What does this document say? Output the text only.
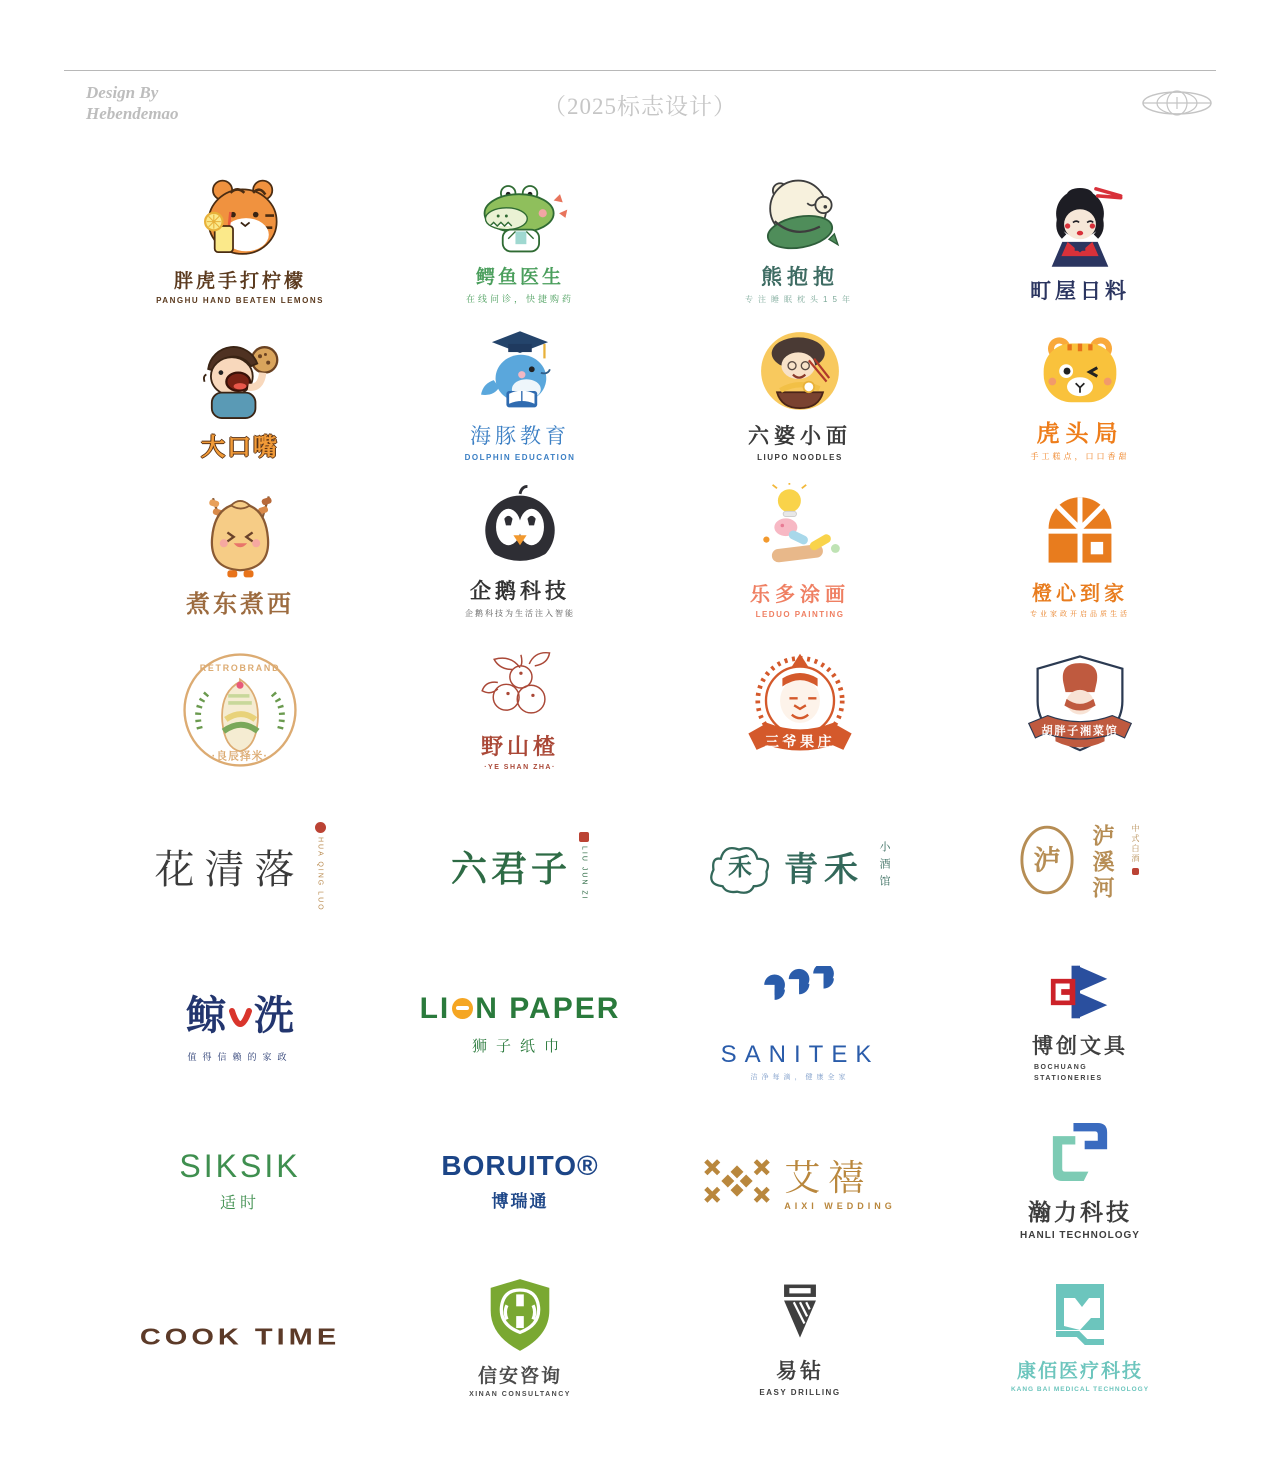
Design By
Hebendemao	（2025标志设计）
胖虎手打柠檬
PANGHU HAND BEATEN LEMONS
鳄鱼医生
在线问诊，快捷购药
熊抱抱
专注睡眠枕头15年	町屋日料
大口嘴	海豚教育
DOLPHIN EDUCATION
六婆小面
LIUPO NOODLES
虎头局
手工糕点，口口香甜
煮东煮西
企鹅科技
企鹅科技为生活注入智能
乐多涂画
LEDUO PAINTING
橙心到家
专业家政开启品质生活
RETROBRAND
·良辰择米·	野山楂
·YE SHAN ZHA·
三爷果庄
胡胖子湘菜馆
花清落 HUA QING LUO	六君子 LIU JUN ZI	禾 青禾 小酒馆	泸 泸溪河	中式白酒
鲸 洗
值得信赖的家政
LI N PAPER
狮子纸巾	SANITEK
洁净每滴，健康全家
博创文具
BOCHUANG STATIONERIES
SIKSIK
适时
BORUITO®
博瑞通
艾禧
AIXI WEDDING	瀚力科技
HANLI TECHNOLOGY
COOK TIME
信安咨询
XINAN CONSULTANCY
易钻
EASY DRILLING
康佰医疗科技
KANG BAI MEDICAL TECHNOLOGY
